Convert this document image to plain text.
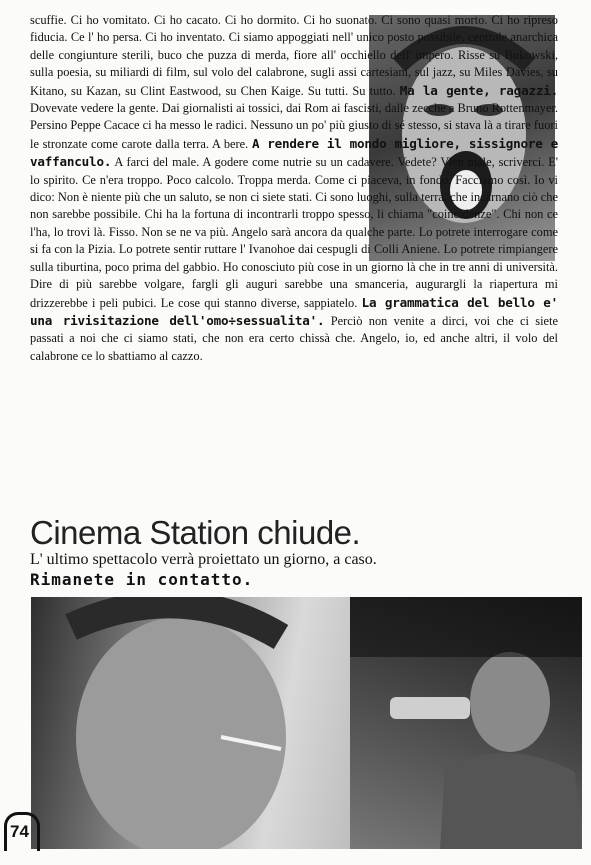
scuffie. Ci ho vomitato. Ci ho cacato. Ci ho dormito. Ci ho suonato. Ci sono quasi morto. Ci ho ripreso fiducia. Ce l' ho persa. Ci ho inventato. Ci siamo appoggiati nell' unico posto possibile, centrale anarchica delle congiunture sterili, buco che puzza di merda, fiore all' occhiello dell' impero. Risse su Bukowski, sulla poesia, su miliardi di film, sul volo del calabrone, sugli assi cartesiani, sul jazz, su Miles Davies, su Kitano, su Kazan, su Clint Eastwood, su Chen Kaige. Su tutti. Su tutto. Ma la gente, ragazzi. Dovevate vedere la gente. Dai giornalisti ai tossici, dai Rom ai fascisti, dalle zecche a Bruno Rottenmayer. Persino Peppe Cacace ci ha messo le radici. Nessuno un po' più giusto di sé stesso, si stava là a tirare fuori le stronzate come carote dalla terra. A bere. A rendere il mondo migliore, sissignore e vaffanculo. A farci del male. A godere come nutrie su un cadavere. Vedete? Vien male, scriverci. E' lo spirito. Ce n'era troppo. Poco calcolo. Troppa merda. Come ci piaceva, in fondo. Facciamo così. Io vi dico: Non è niente più che un saluto, se non ci siete stati. Ci sono luoghi, sulla terra, che incarnano ciò che non sarebbe possibile. Chi ha la fortuna di incontrarli troppo spesso, li chiama "coincidenze". Chi non ce l'ha, lo trovi là. Fisso. Non se ne va più. Angelo sarà ancora da qualche parte. Lo potrete interrogare come si fa con la Pizia. Lo potrete sentir ruttare l' Ivanohoe dai cespugli di Colli Aniene. Lo potrete rimpiangere sulla tiburtina, poco prima del gabbio. Ho conosciuto più cose in un giorno là che in tre anni di università. Dire di più sarebbe volgare, fargli gli auguri sarebbe una smanceria, augurargli la riapertura mi drizzerebbe i peli pubici. Le cose qui stanno diverse, sappiatelo. La grammatica del bello e' una rivisitazione dell'omo÷sessualita'. Perciò non venite a dirci, voi che ci siete passati a noi che ci siamo stati, che non era certo chissà che. Angelo, io, ed anche altri, il volo del calabrone ce lo sbattiamo al cazzo.
Cinema Station chiude.
L' ultimo spettacolo verrà proiettato un giorno, a caso.
Rimanete in contatto.
74
